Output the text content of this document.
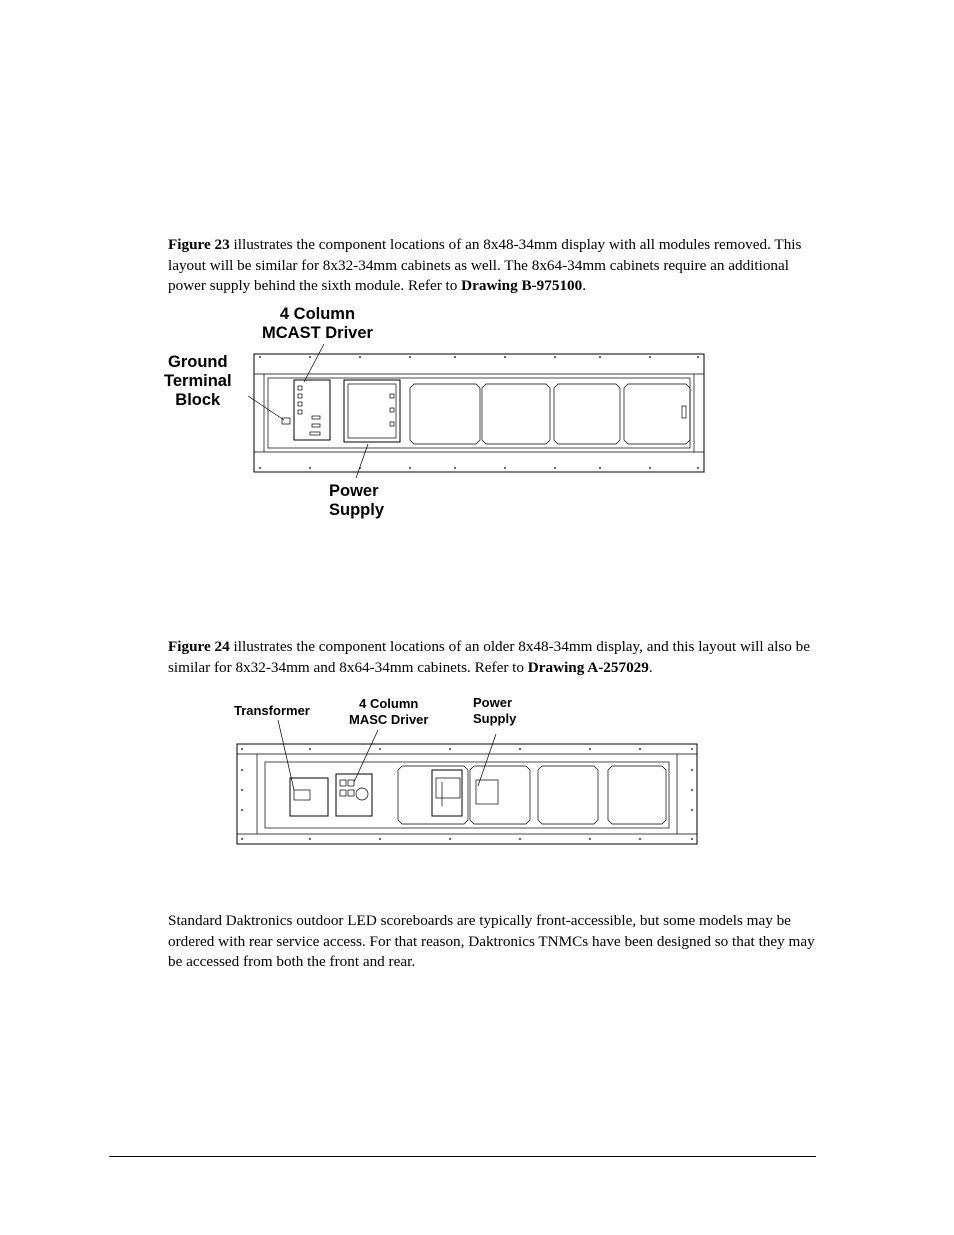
Figure 23 illustrates the component locations of an 8x48-34mm display with all modules removed. This layout will be similar for 8x32-34mm cabinets as well. The 8x64-34mm cabinets require an additional power supply behind the sixth module. Refer to Drawing B-975100.

4 Column
MCAST Driver
Ground
Terminal
Block
Power
Supply

Figure 24 illustrates the component locations of an older 8x48-34mm display, and this layout will also be similar for 8x32-34mm and 8x64-34mm cabinets. Refer to Drawing A-257029.

Transformer	4 Column
MASC Driver
Power
Supply

Standard Daktronics outdoor LED scoreboards are typically front-accessible, but some models may be ordered with rear service access. For that reason, Daktronics TNMCs have been designed so that they may be accessed from both the front and rear.
